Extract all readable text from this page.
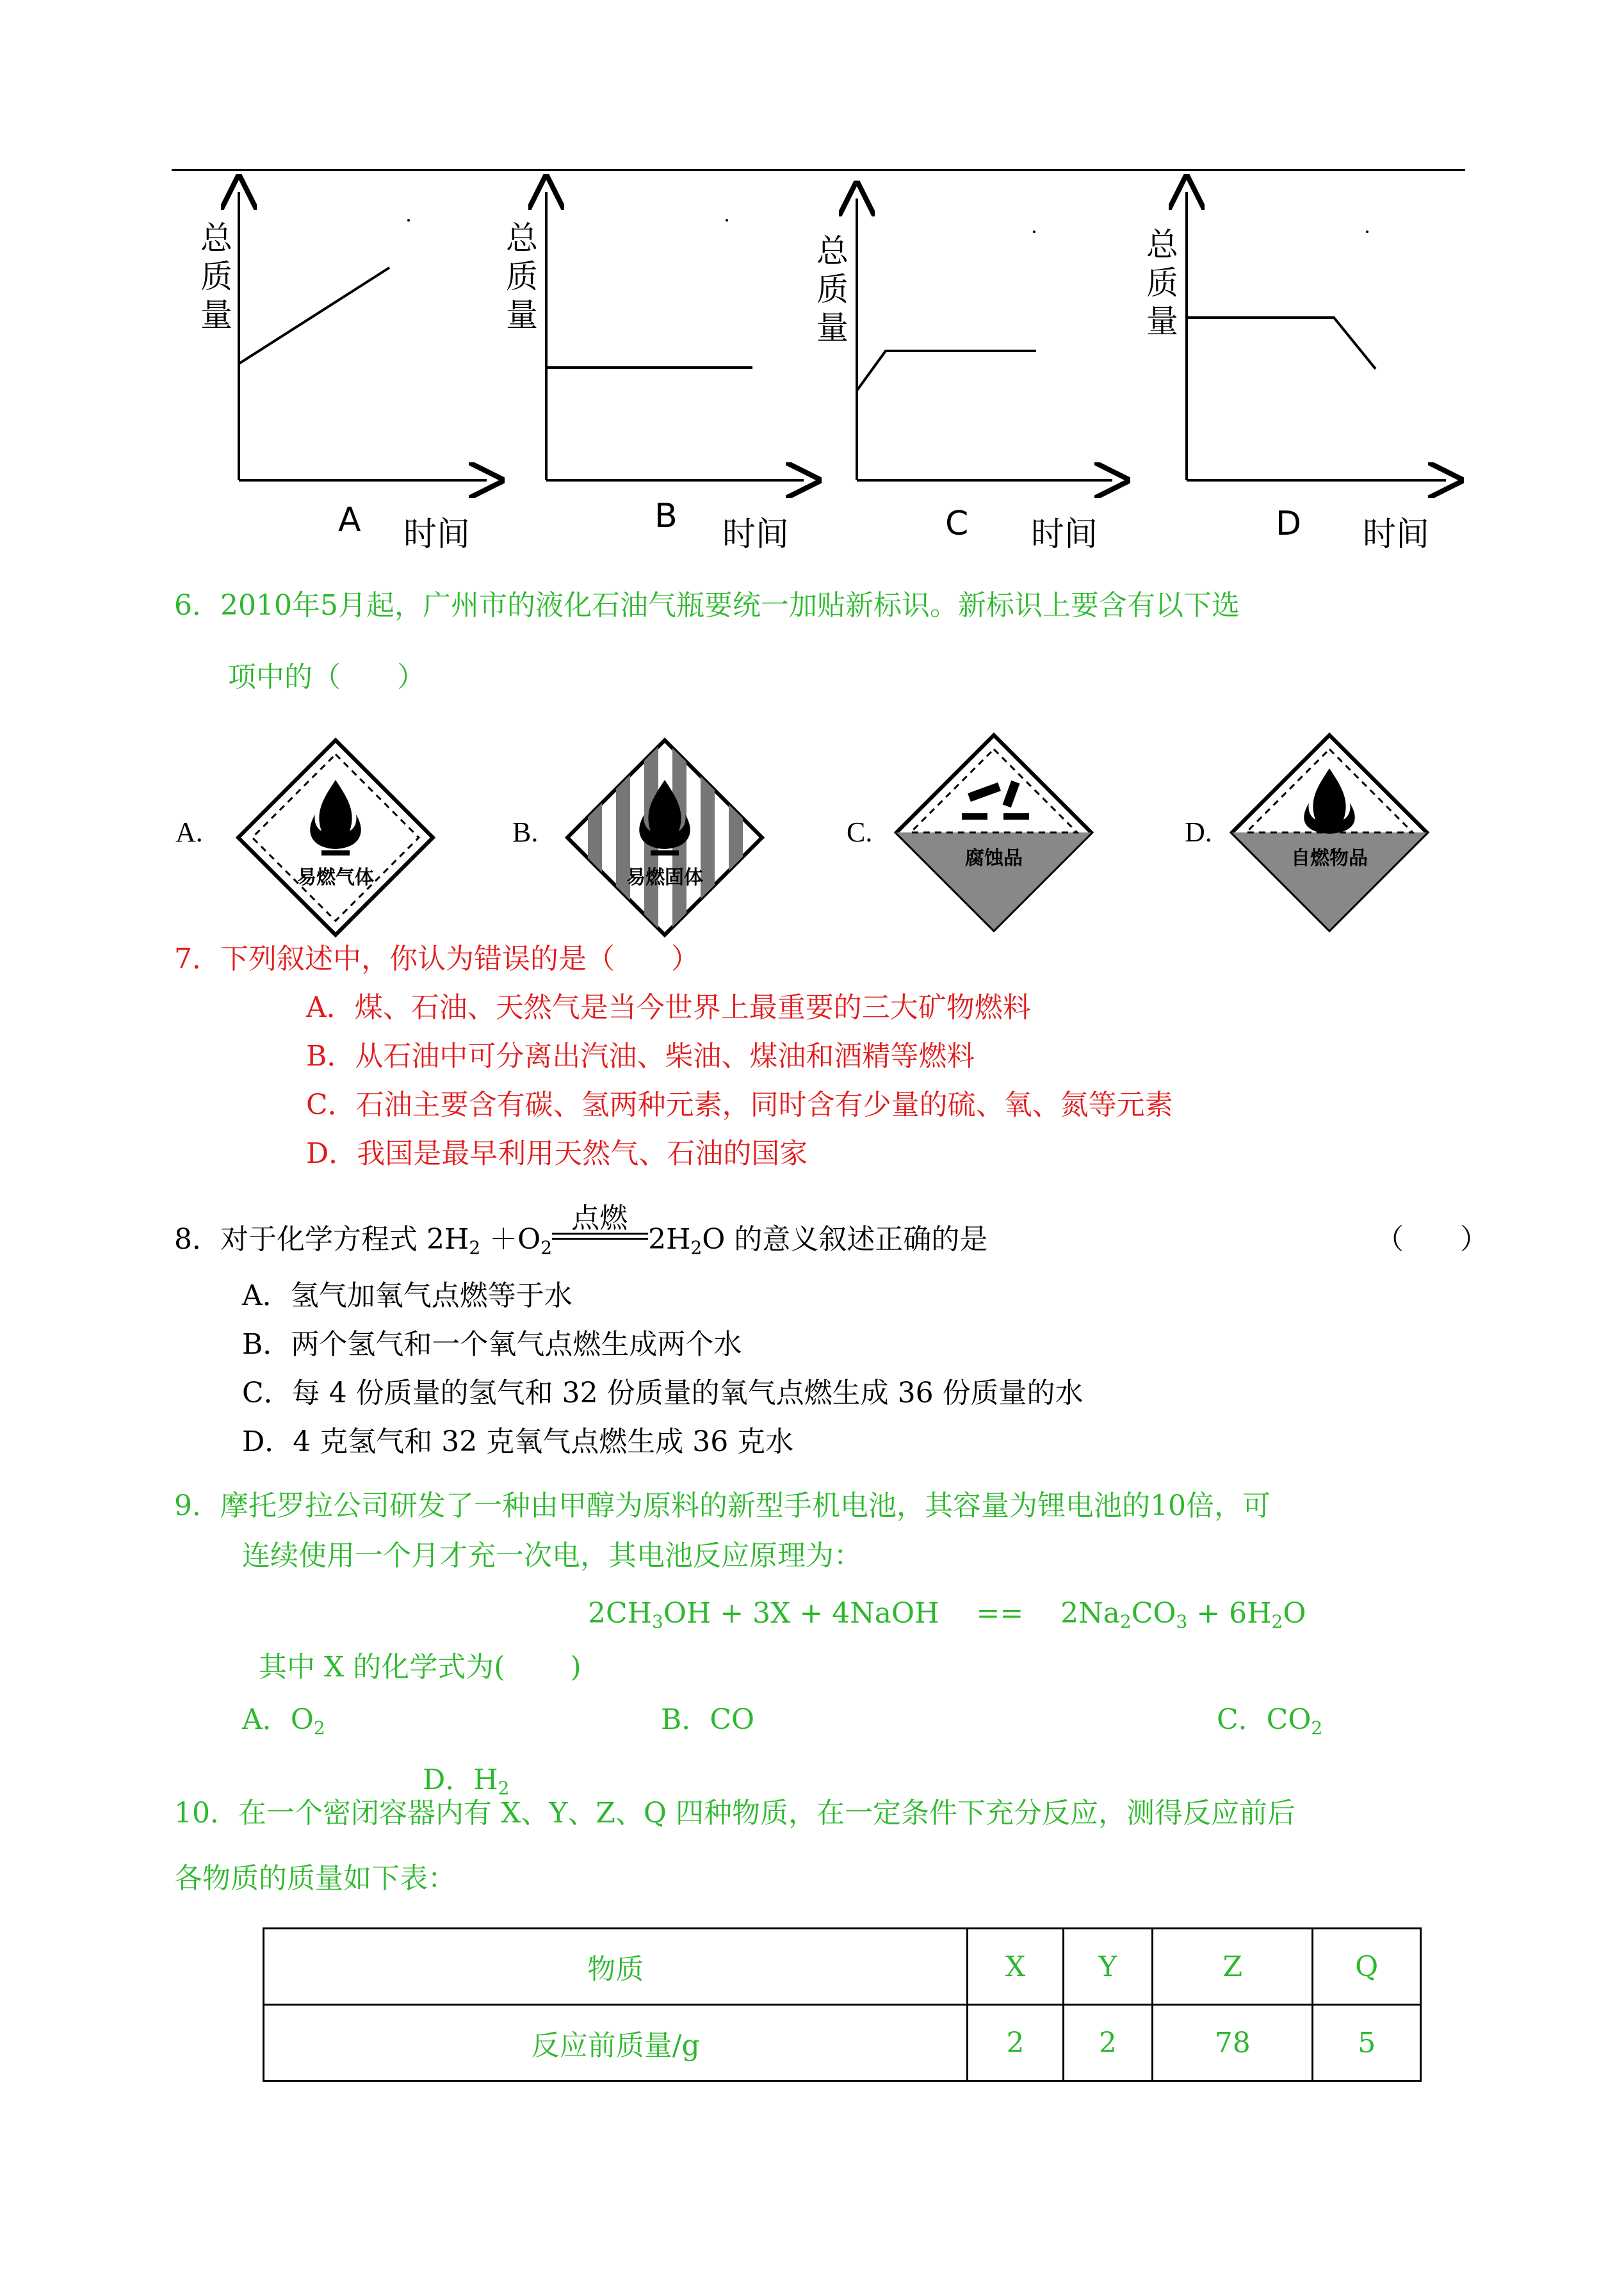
总质量
总质量
总质量
总质量
A 时间	B 时间	C 时间	D 时间
6．2010年5月起，广州市的液化石油气瓶要统一加贴新标识。新标识上要含有以下选
项中的（　　）
A.
易燃气体
B.
易燃固体
C.
腐蚀品
D.
自燃物品
7．下列叙述中，你认为错误的是（　　）
A．煤、石油、天然气是当今世界上最重要的三大矿物燃料
B．从石油中可分离出汽油、柴油、煤油和酒精等燃料
C．石油主要含有碳、氢两种元素，同时含有少量的硫、氧、氮等元素
D．我国是最早利用天然气、石油的国家
8．对于化学方程式 $2H_2 +O_2$
点燃
$2H_2O$ 的意义叙述正确的是	（　　）
A．氢气加氧气点燃等于水
B．两个氢气和一个氧气点燃生成两个水
C．每 4 份质量的氢气和 32 份质量的氧气点燃生成 36 份质量的水
D．4 克氢气和 32 克氧气点燃生成 36 克水
9．摩托罗拉公司研发了一种由甲醇为原料的新型手机电池，其容量为锂电池的10倍，可
连续使用一个月才充一次电，其电池反应原理为：
$2CH_3OH + 3X$ + 4NaOH　 ==　 $2Na_2CO_3 + 6H_2O$
其中 X 的化学式为(　　 )
A．$O_2$	B．CO	C．$CO_2$
D．$H_2$
10．在一个密闭容器内有 X、Y、Z、Q 四种物质，在一定条件下充分反应，测得反应前后
各物质的质量如下表：
物质	X	Y	Z	Q
反应前质量/g	2	2	78	5
